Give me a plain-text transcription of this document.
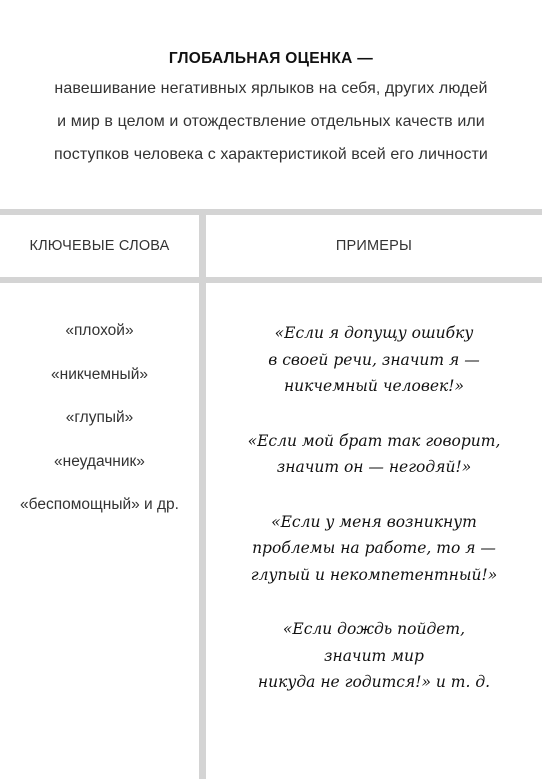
ГЛОБАЛЬНАЯ ОЦЕНКА —
навешивание негативных ярлыков на себя, других людей
и мир в целом и отождествление отдельных качеств или
поступков человека с характеристикой всей его личности
КЛЮЧЕВЫЕ СЛОВА	ПРИМЕРЫ
«плохой»
«никчемный»
«глупый»
«неудачник»
«беспомощный» и др.
«Если я допущу ошибку
в своей речи, значит я —
никчемный человек!»
«Если мой брат так говорит,
значит он — негодяй!»
«Если у меня возникнут
проблемы на работе, то я —
глупый и некомпетентный!»
«Если дождь пойдет,
значит мир
никуда не годится!» и т. д.
